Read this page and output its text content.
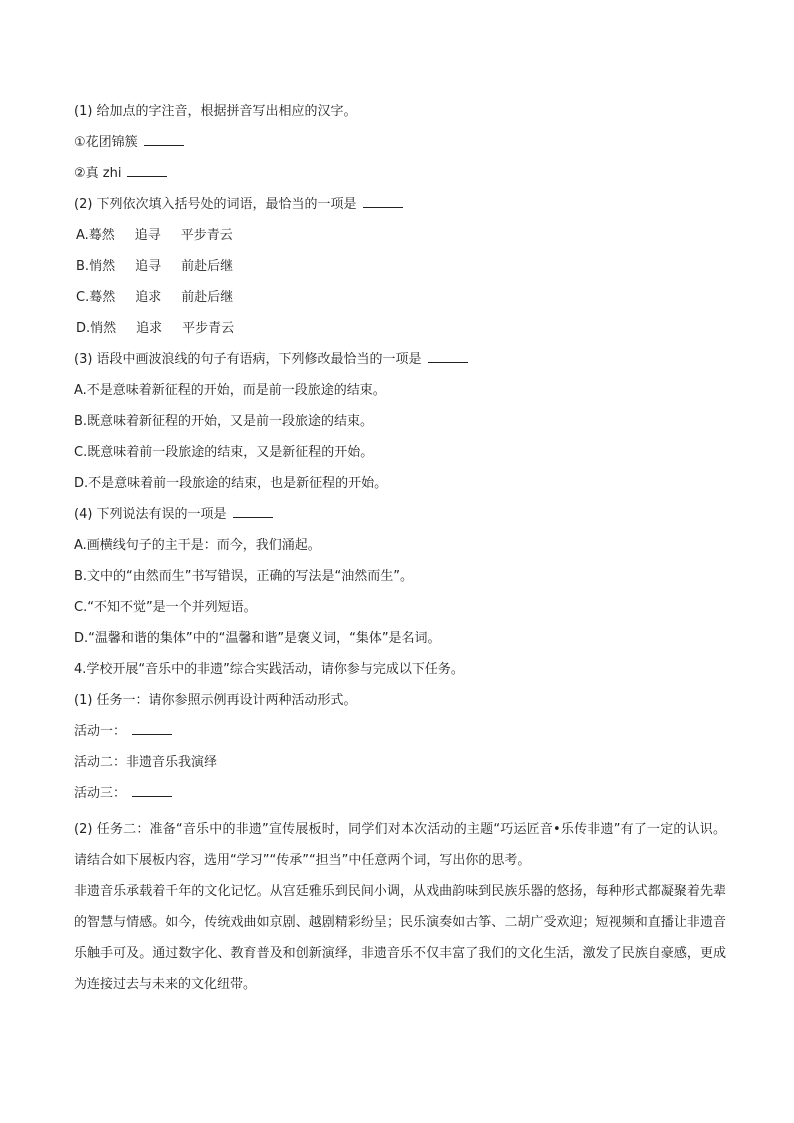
(1) 给加点的字注音，根据拼音写出相应的汉字。
①花团锦簇
②真 zhi
(2) 下列依次填入括号处的词语，最恰当的一项是
A.蓦然 追寻 平步青云
B.悄然 追寻 前赴后继
C.蓦然 追求 前赴后继
D.悄然 追求 平步青云
(3) 语段中画波浪线的句子有语病，下列修改最恰当的一项是
A.不是意味着新征程的开始，而是前一段旅途的结束。
B.既意味着新征程的开始，又是前一段旅途的结束。
C.既意味着前一段旅途的结束，又是新征程的开始。
D.不是意味着前一段旅途的结束，也是新征程的开始。
(4) 下列说法有误的一项是
A.画横线句子的主干是：而今，我们涌起。
B.文中的“由然而生”书写错误，正确的写法是“油然而生”。
C.“不知不觉”是一个并列短语。
D.“温馨和谐的集体”中的“温馨和谐”是褒义词，“集体”是名词。
4.学校开展“音乐中的非遗”综合实践活动，请你参与完成以下任务。
(1) 任务一：请你参照示例再设计两种活动形式。
活动一：
活动二：非遗音乐我演绎
活动三：

(2) 任务二：准备“音乐中的非遗”宣传展板时，同学们对本次活动的主题“巧运匠音•乐传非遗”有了一定的认识。请结合如下展板内容，选用“学习”“传承”“担当”中任意两个词，写出你的思考。

非遗音乐承载着千年的文化记忆。从宫廷雅乐到民间小调，从戏曲韵味到民族乐器的悠扬，每种形式都凝聚着先辈的智慧与情感。如今，传统戏曲如京剧、越剧精彩纷呈；民乐演奏如古筝、二胡广受欢迎；短视频和直播让非遗音乐触手可及。通过数字化、教育普及和创新演绎，非遗音乐不仅丰富了我们的文化生活，激发了民族自豪感，更成为连接过去与未来的文化纽带。
